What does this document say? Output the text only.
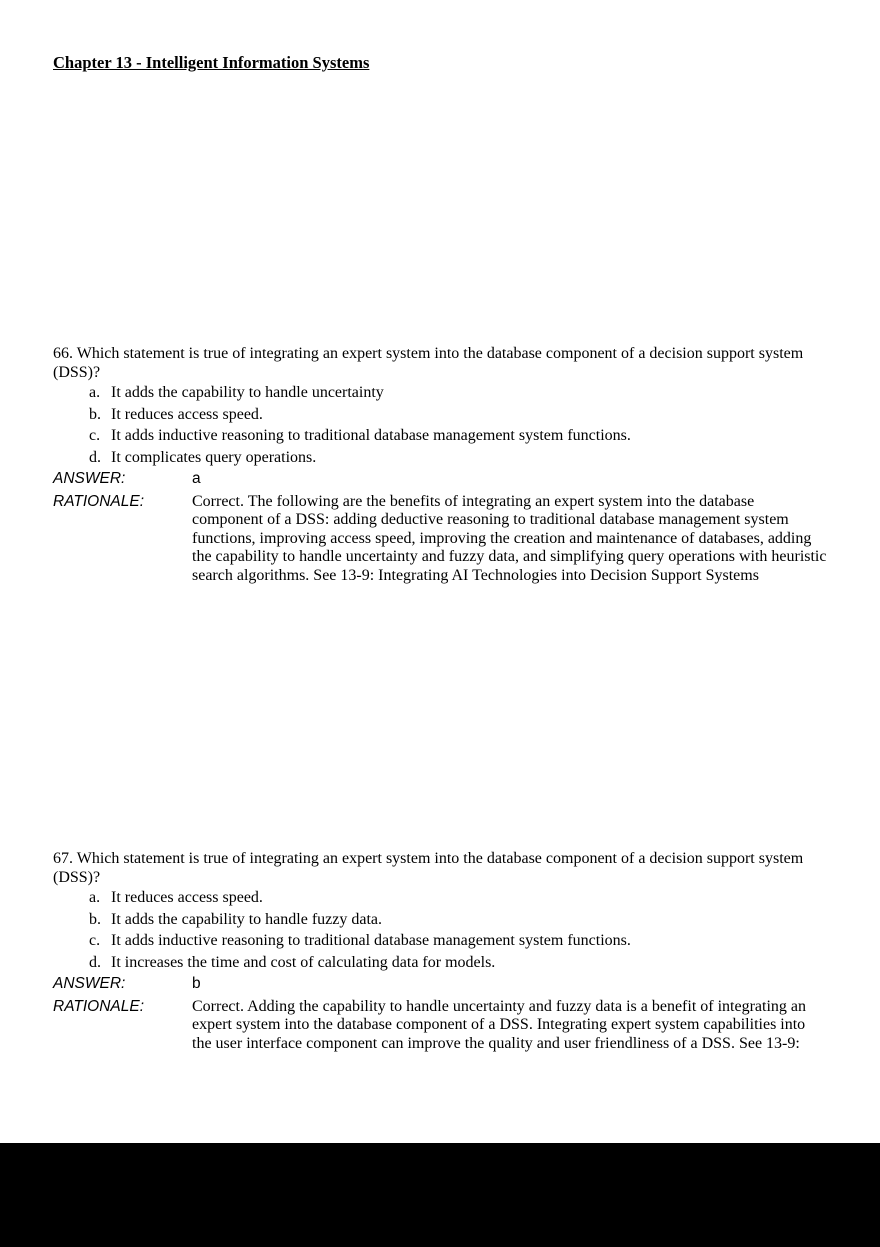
Chapter 13 - Intelligent Information Systems

66. Which statement is true of integrating an expert system into the database component of a decision support system (DSS)?

a. It adds the capability to handle uncertainty
b. It reduces access speed.
c. It adds inductive reasoning to traditional database management system functions.
d. It complicates query operations.
ANSWER:	a
RATIONALE:	Correct. The following are the benefits of integrating an expert system into the database component of a DSS: adding deductive reasoning to traditional database management system functions, improving access speed, improving the creation and maintenance of databases, adding the capability to handle uncertainty and fuzzy data, and simplifying query operations with heuristic search algorithms. See 13-9: Integrating AI Technologies into Decision Support Systems

67. Which statement is true of integrating an expert system into the database component of a decision support system (DSS)?

a. It reduces access speed.
b. It adds the capability to handle fuzzy data.
c. It adds inductive reasoning to traditional database management system functions.
d. It increases the time and cost of calculating data for models.
ANSWER:	b
RATIONALE:	Correct. Adding the capability to handle uncertainty and fuzzy data is a benefit of integrating an expert system into the database component of a DSS. Integrating expert system capabilities into the user interface component can improve the quality and user friendliness of a DSS. See 13-9:
